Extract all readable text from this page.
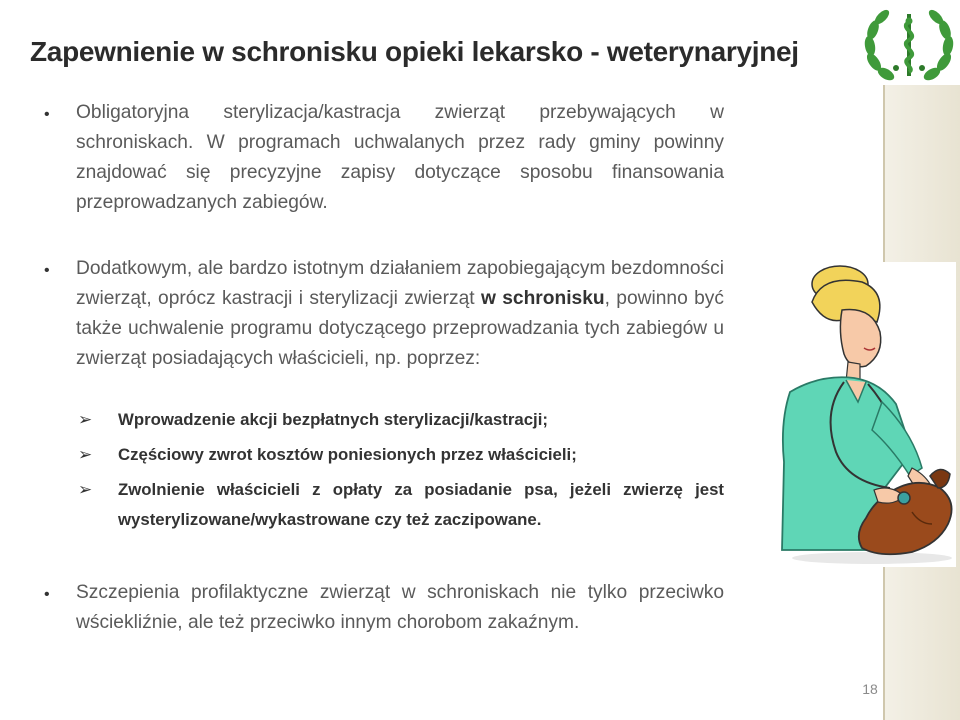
Zapewnienie w schronisku opieki lekarsko - weterynaryjnej
• Obligatoryjna sterylizacja/kastracja zwierząt przebywających w schroniskach. W programach uchwalanych przez rady gminy powinny znajdować się precyzyjne zapisy dotyczące sposobu finansowania przeprowadzanych zabiegów.
• Dodatkowym, ale bardzo istotnym działaniem zapobiegającym bezdomności zwierząt, oprócz kastracji i sterylizacji zwierząt w schronisku, powinno być także uchwalenie programu dotyczącego przeprowadzania tych zabiegów u zwierząt posiadających właścicieli, np. poprzez:
➢ Wprowadzenie akcji bezpłatnych sterylizacji/kastracji;
➢ Częściowy zwrot kosztów poniesionych przez właścicieli;
➢ Zwolnienie właścicieli z opłaty za posiadanie psa, jeżeli zwierzę jest wysterylizowane/wykastrowane czy też zaczipowane.
• Szczepienia profilaktyczne zwierząt w schroniskach nie tylko przeciwko wściekliźnie, ale też przeciwko innym chorobom zakaźnym.
18
